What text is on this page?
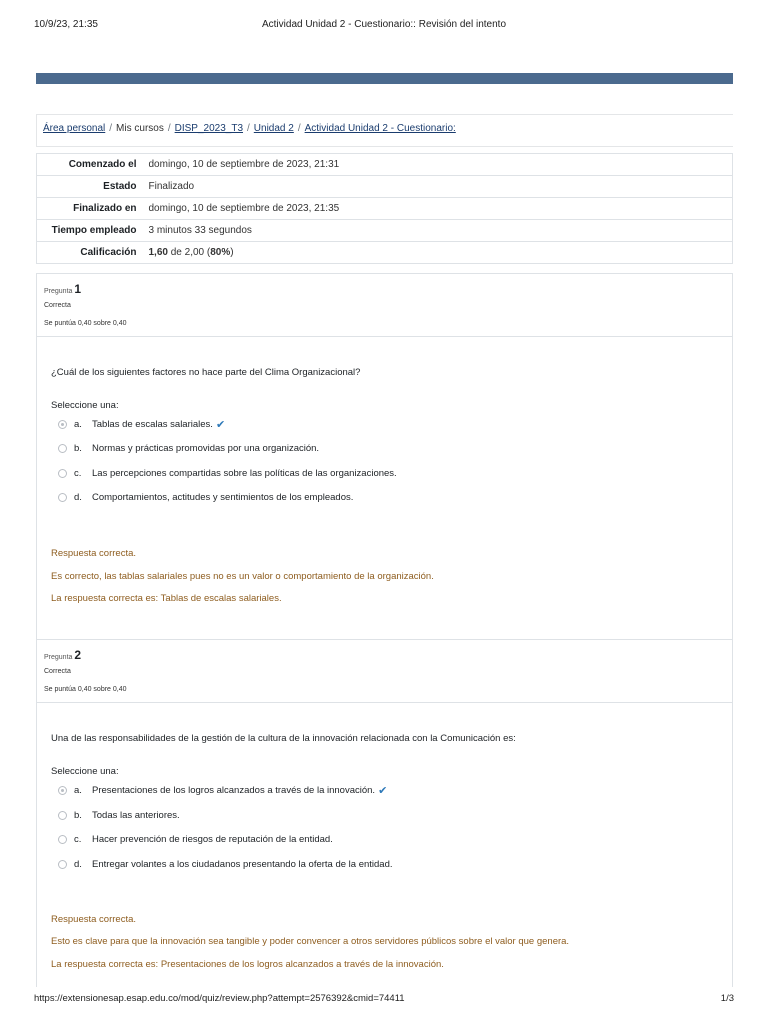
10/9/23, 21:35	Actividad Unidad 2 - Cuestionario:: Revisión del intento
Área personal / Mis cursos / DISP_2023_T3 / Unidad 2 / Actividad Unidad 2 - Cuestionario:
Comenzado el	domingo, 10 de septiembre de 2023, 21:31
Estado	Finalizado
Finalizado en	domingo, 10 de septiembre de 2023, 21:35
Tiempo empleado	3 minutos 33 segundos
Calificación	1,60 de 2,00 (80%)
Pregunta 1
Correcta
Se puntúa 0,40 sobre 0,40
¿Cuál de los siguientes factores no hace parte del Clima Organizacional?
Seleccione una:
a.	Tablas de escalas salariales. ✔
b.	Normas y prácticas promovidas por una organización.
c.	Las percepciones compartidas sobre las políticas de las organizaciones.
d.	Comportamientos, actitudes y sentimientos de los empleados.
Respuesta correcta.
Es correcto, las tablas salariales pues no es un valor o comportamiento de la organización.
La respuesta correcta es: Tablas de escalas salariales.
Pregunta 2
Correcta
Se puntúa 0,40 sobre 0,40
Una de las responsabilidades de la gestión de la cultura de la innovación relacionada con la Comunicación es:
Seleccione una:
a.	Presentaciones de los logros alcanzados a través de la innovación. ✔
b.	Todas las anteriores.
c.	Hacer prevención de riesgos de reputación de la entidad.
d.	Entregar volantes a los ciudadanos presentando la oferta de la entidad.
Respuesta correcta.
Esto es clave para que la innovación sea tangible y poder convencer a otros servidores públicos sobre el valor que genera.
La respuesta correcta es: Presentaciones de los logros alcanzados a través de la innovación.
https://extensionesap.esap.edu.co/mod/quiz/review.php?attempt=2576392&cmid=74411	1/3
